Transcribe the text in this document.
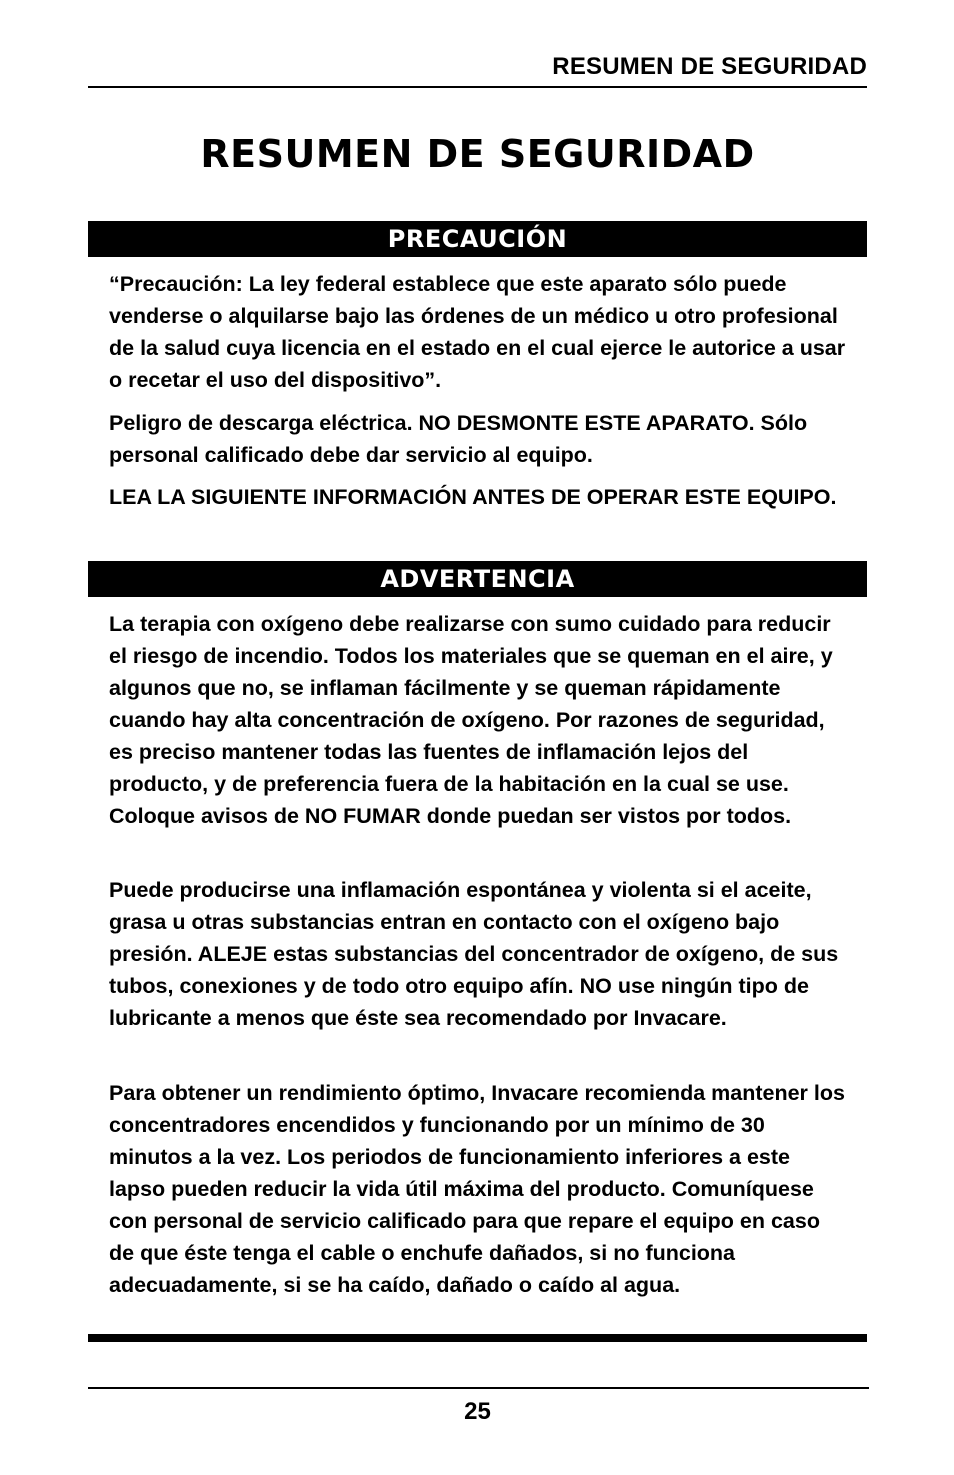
RESUMEN DE SEGURIDAD
RESUMEN DE SEGURIDAD
PRECAUCIÓN

“Precaución: La ley federal establece que este aparato sólo puede venderse o alquilarse bajo las órdenes de un médico u otro profesional de la salud cuya licencia en el estado en el cual ejerce le autorice a usar o recetar el uso del dispositivo”.

Peligro de descarga eléctrica. NO DESMONTE ESTE APARATO. Sólo personal calificado debe dar servicio al equipo.

LEA LA SIGUIENTE INFORMACIÓN ANTES DE OPERAR ESTE EQUIPO.

ADVERTENCIA

La terapia con oxígeno debe realizarse con sumo cuidado para reducir el riesgo de incendio. Todos los materiales que se queman en el aire, y algunos que no, se inflaman fácilmente y se queman rápidamente cuando hay alta concentración de oxígeno. Por razones de seguridad, es preciso mantener todas las fuentes de inflamación lejos del producto, y de preferencia fuera de la habitación en la cual se use. Coloque avisos de NO FUMAR donde puedan ser vistos por todos.

Puede producirse una inflamación espontánea y violenta si el aceite, grasa u otras substancias entran en contacto con el oxígeno bajo presión. ALEJE estas substancias del concentrador de oxígeno, de sus tubos, conexiones y de todo otro equipo afín. NO use ningún tipo de lubricante a menos que éste sea recomendado por Invacare.

Para obtener un rendimiento óptimo, Invacare recomienda mantener los concentradores encendidos y funcionando por un mínimo de 30 minutos a la vez. Los periodos de funcionamiento inferiores a este lapso pueden reducir la vida útil máxima del producto. Comuníquese con personal de servicio calificado para que repare el equipo en caso de que éste tenga el cable o enchufe dañados, si no funciona adecuadamente, si se ha caído, dañado o caído al agua.

25
